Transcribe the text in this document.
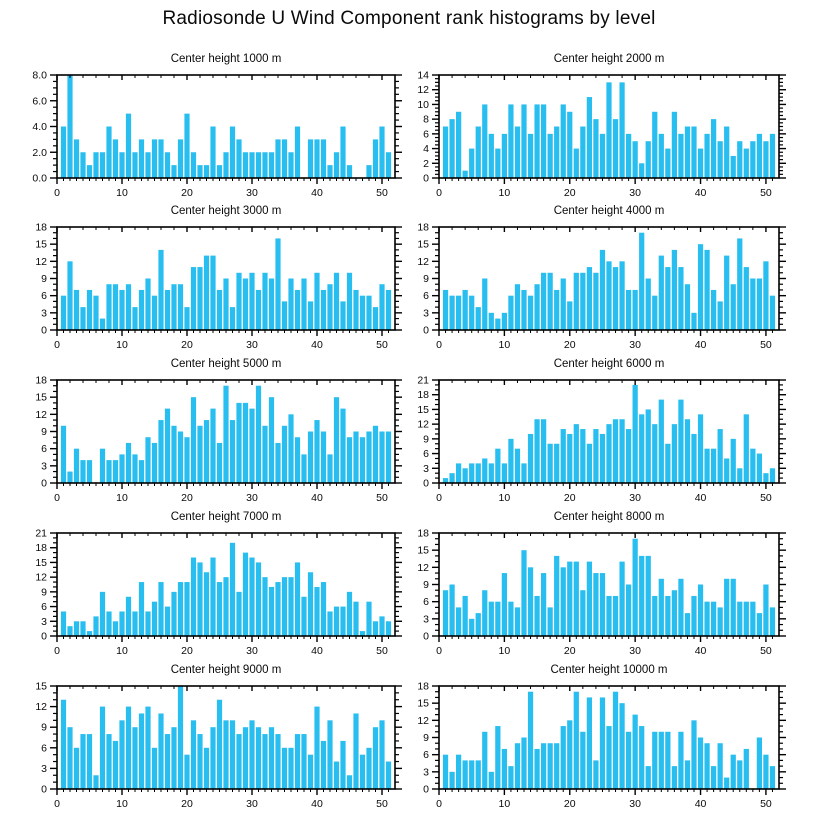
Radiosonde U Wind Component rank histograms by level
Center height 1000 m
0.0
2.0
4.0
6.0
8.0
0	10	20	30	40	50
Center height 2000 m
0
2
4
6
8
10
12
14
0	10	20	30	40	50
Center height 3000 m
0
3
6
9
12
15
18
0	10	20	30	40	50
Center height 4000 m
0
3
6
9
12
15
18
0	10	20	30	40	50
Center height 5000 m
0
3
6
9
12
15
18
0	10	20	30	40	50
Center height 6000 m
0
3
6
9
12
15
18
21
0	10	20	30	40	50
Center height 7000 m
0
3
6
9
12
15
18
21
0	10	20	30	40	50
Center height 8000 m
0
3
6
9
12
15
18
0	10	20	30	40	50
Center height 9000 m
0
3
6
9
12
15
0	10	20	30	40	50
Center height 10000 m
0
3
6
9
12
15
18
0	10	20	30	40	50
